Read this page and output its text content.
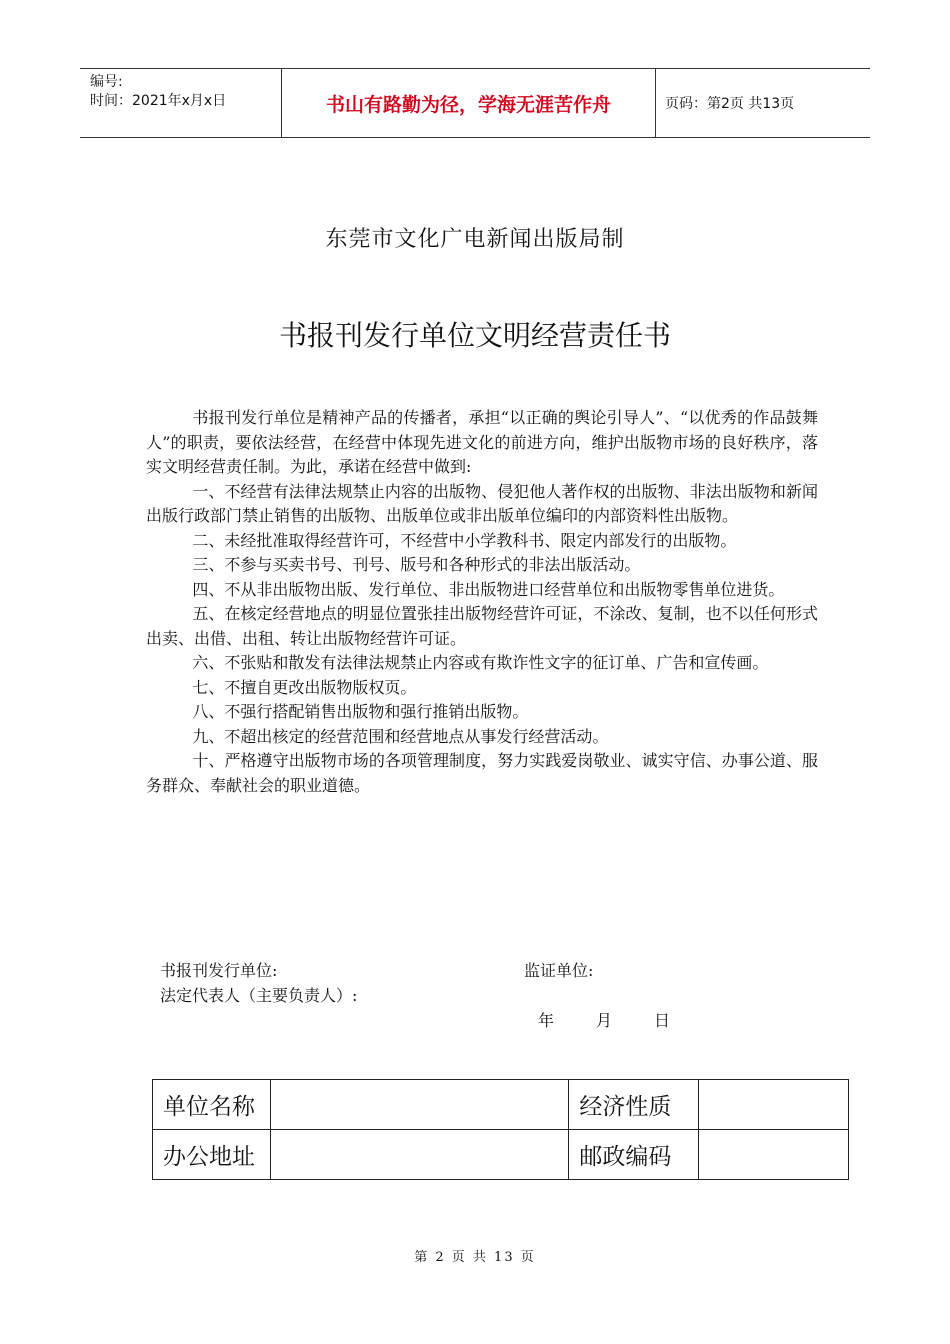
编号:
时间：2021年x月x日	书山有路勤为径，学海无涯苦作舟	页码：第2页 共13页
东莞市文化广电新闻出版局制
书报刊发行单位文明经营责任书

书报刊发行单位是精神产品的传播者，承担“以正确的舆论引导人”、“以优秀的作品鼓舞人”的职责，要依法经营，在经营中体现先进文化的前进方向，维护出版物市场的良好秩序，落实文明经营责任制。为此，承诺在经营中做到:

一、不经营有法律法规禁止内容的出版物、侵犯他人著作权的出版物、非法出版物和新闻出版行政部门禁止销售的出版物、出版单位或非出版单位编印的内部资料性出版物。

二、未经批准取得经营许可，不经营中小学教科书、限定内部发行的出版物。

三、不参与买卖书号、刊号、版号和各种形式的非法出版活动。

四、不从非出版物出版、发行单位、非出版物进口经营单位和出版物零售单位进货。

五、在核定经营地点的明显位置张挂出版物经营许可证，不涂改、复制，也不以任何形式出卖、出借、出租、转让出版物经营许可证。

六、不张贴和散发有法律法规禁止内容或有欺诈性文字的征订单、广告和宣传画。

七、不擅自更改出版物版权页。

八、不强行搭配销售出版物和强行推销出版物。

九、不超出核定的经营范围和经营地点从事发行经营活动。

十、严格遵守出版物市场的各项管理制度，努力实践爱岗敬业、诚实守信、办事公道、服务群众、奉献社会的职业道德。

书报刊发行单位:	监证单位:
法定代表人（主要负责人）:
年	月	日
单位名称		经济性质	
办公地址		邮政编码	
第 2 页 共 13 页
